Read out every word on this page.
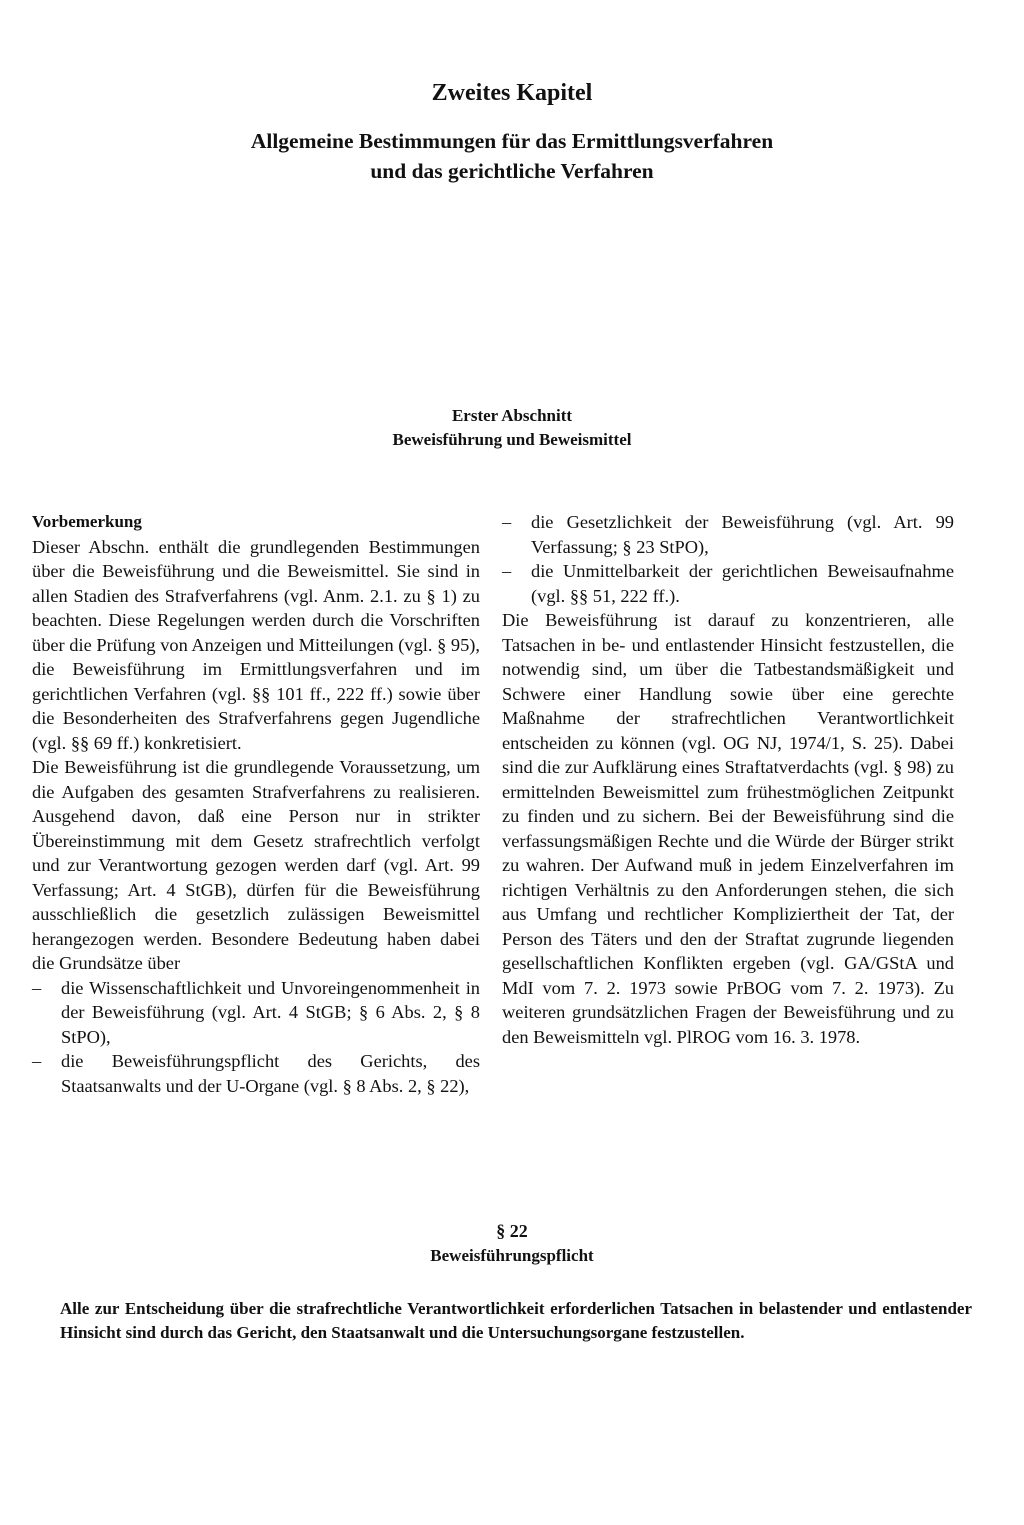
Zweites Kapitel
Allgemeine Bestimmungen für das Ermittlungsverfahren
und das gerichtliche Verfahren
Erster Abschnitt
Beweisführung und Beweismittel

Vorbemerkung

Dieser Abschn. enthält die grundlegenden Bestimmungen über die Beweisführung und die Beweismittel. Sie sind in allen Stadien des Strafverfahrens (vgl. Anm. 2.1. zu § 1) zu beachten. Diese Regelungen werden durch die Vorschriften über die Prüfung von Anzeigen und Mitteilungen (vgl. § 95), die Beweisführung im Ermittlungsverfahren und im gerichtlichen Verfahren (vgl. §§ 101 ff., 222 ff.) sowie über die Besonderheiten des Strafverfahrens gegen Jugendliche (vgl. §§ 69 ff.) konkretisiert.

Die Beweisführung ist die grundlegende Voraussetzung, um die Aufgaben des gesamten Strafverfahrens zu realisieren. Ausgehend davon, daß eine Person nur in strikter Übereinstimmung mit dem Gesetz strafrechtlich verfolgt und zur Verantwortung gezogen werden darf (vgl. Art. 99 Verfassung; Art. 4 StGB), dürfen für die Beweisführung ausschließlich die gesetzlich zulässigen Beweismittel herangezogen werden. Besondere Bedeutung haben dabei die Grundsätze über

– die Wissenschaftlichkeit und Unvoreingenommenheit in der Beweisführung (vgl. Art. 4 StGB; § 6 Abs. 2, § 8 StPO),
– die Beweisführungspflicht des Gerichts, des Staatsanwalts und der U-Organe (vgl. § 8 Abs. 2, § 22),
– die Gesetzlichkeit der Beweisführung (vgl. Art. 99 Verfassung; § 23 StPO),
– die Unmittelbarkeit der gerichtlichen Beweisaufnahme (vgl. §§ 51, 222 ff.).

Die Beweisführung ist darauf zu konzentrieren, alle Tatsachen in be- und entlastender Hinsicht festzustellen, die notwendig sind, um über die Tatbestandsmäßigkeit und Schwere einer Handlung sowie über eine gerechte Maßnahme der strafrechtlichen Verantwortlichkeit entscheiden zu können (vgl. OG NJ, 1974/1, S. 25). Dabei sind die zur Aufklärung eines Straftatverdachts (vgl. § 98) zu ermittelnden Beweismittel zum frühestmöglichen Zeitpunkt zu finden und zu sichern. Bei der Beweisführung sind die verfassungsmäßigen Rechte und die Würde der Bürger strikt zu wahren. Der Aufwand muß in jedem Einzelverfahren im richtigen Verhältnis zu den Anforderungen stehen, die sich aus Umfang und rechtlicher Kompliziertheit der Tat, der Person des Täters und den der Straftat zugrunde liegenden gesellschaftlichen Konflikten ergeben (vgl. GA/GStA und MdI vom 7. 2. 1973 sowie PrBOG vom 7. 2. 1973). Zu weiteren grundsätzlichen Fragen der Beweisführung und zu den Beweismitteln vgl. PlROG vom 16. 3. 1978.

§ 22
Beweisführungspflicht
Alle zur Entscheidung über die strafrechtliche Verantwortlichkeit erforderlichen Tatsachen in belastender und entlastender Hinsicht sind durch das Gericht, den Staatsanwalt und die Untersuchungsorgane festzustellen.
